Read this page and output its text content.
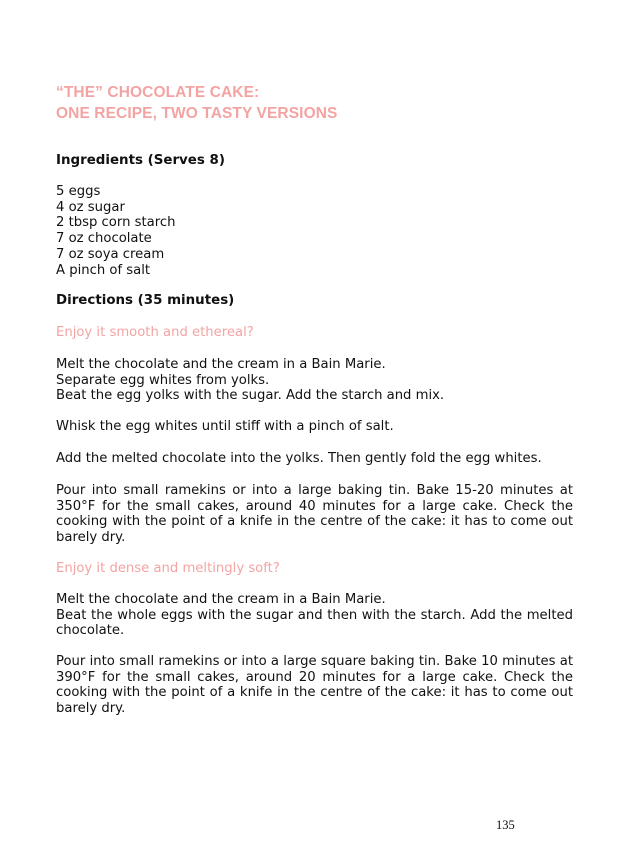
“THE” CHOCOLATE CAKE:
ONE RECIPE, TWO TASTY VERSIONS
Ingredients (Serves 8)
5 eggs
4 oz sugar
2 tbsp corn starch
7 oz chocolate
7 oz soya cream
A pinch of salt
Directions (35 minutes)
Enjoy it smooth and ethereal?
Melt the chocolate and the cream in a Bain Marie.
Separate egg whites from yolks.
Beat the egg yolks with the sugar. Add the starch and mix.

Whisk the egg whites until stiff with a pinch of salt.

Add the melted chocolate into the yolks. Then gently fold the egg whites.

Pour into small ramekins or into a large baking tin. Bake 15-20 minutes at 350°F for the small cakes, around 40 minutes for a large cake. Check the cooking with the point of a knife in the centre of the cake: it has to come out barely dry.

Enjoy it dense and meltingly soft?
Melt the chocolate and the cream in a Bain Marie.
Beat the whole eggs with the sugar and then with the starch. Add the melted chocolate.

Pour into small ramekins or into a large square baking tin. Bake 10 minutes at 390°F for the small cakes, around 20 minutes for a large cake. Check the cooking with the point of a knife in the centre of the cake: it has to come out barely dry.

135
